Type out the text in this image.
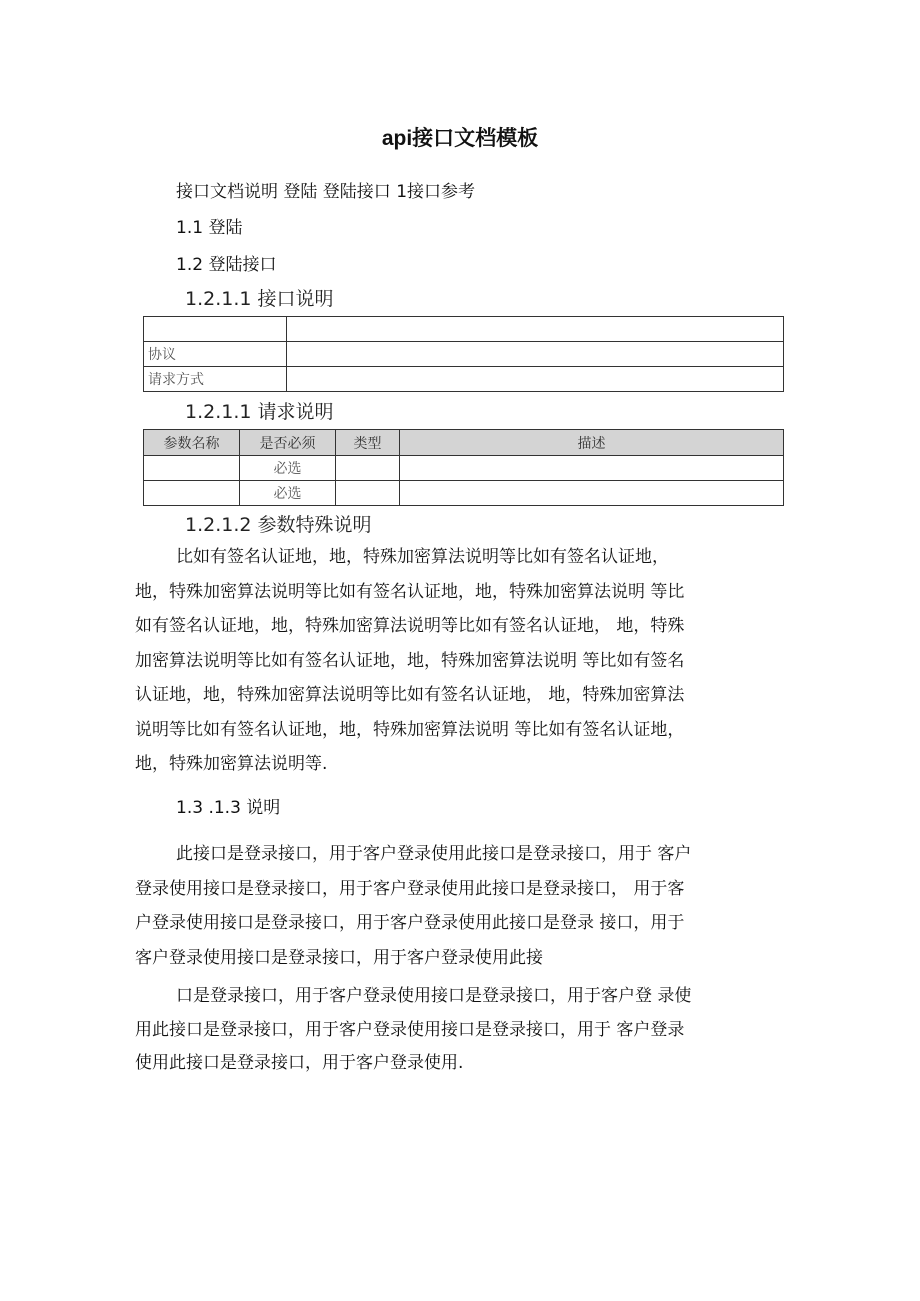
api接口文档模板
接口文档说明 登陆 登陆接口 1接口参考
1.1 登陆
1.2 登陆接口
1.2.1.1 接口说明

协议	
请求方式	
1.2.1.1 请求说明
参数名称	是否必须	类型	描述
	必选		
	必选		
1.2.1.2 参数特殊说明
比如有签名认证地，地，特殊加密算法说明等比如有签名认证地，
地，特殊加密算法说明等比如有签名认证地，地，特殊加密算法说明 等比
如有签名认证地，地，特殊加密算法说明等比如有签名认证地， 地，特殊
加密算法说明等比如有签名认证地，地，特殊加密算法说明 等比如有签名
认证地，地，特殊加密算法说明等比如有签名认证地， 地，特殊加密算法
说明等比如有签名认证地，地，特殊加密算法说明 等比如有签名认证地，
地，特殊加密算法说明等.
1.3 .1.3 说明
此接口是登录接口，用于客户登录使用此接口是登录接口，用于 客户
登录使用接口是登录接口，用于客户登录使用此接口是登录接口， 用于客
户登录使用接口是登录接口，用于客户登录使用此接口是登录 接口，用于
客户登录使用接口是登录接口，用于客户登录使用此接
口是登录接口，用于客户登录使用接口是登录接口，用于客户登 录使
用此接口是登录接口，用于客户登录使用接口是登录接口，用于 客户登录
使用此接口是登录接口，用于客户登录使用.
